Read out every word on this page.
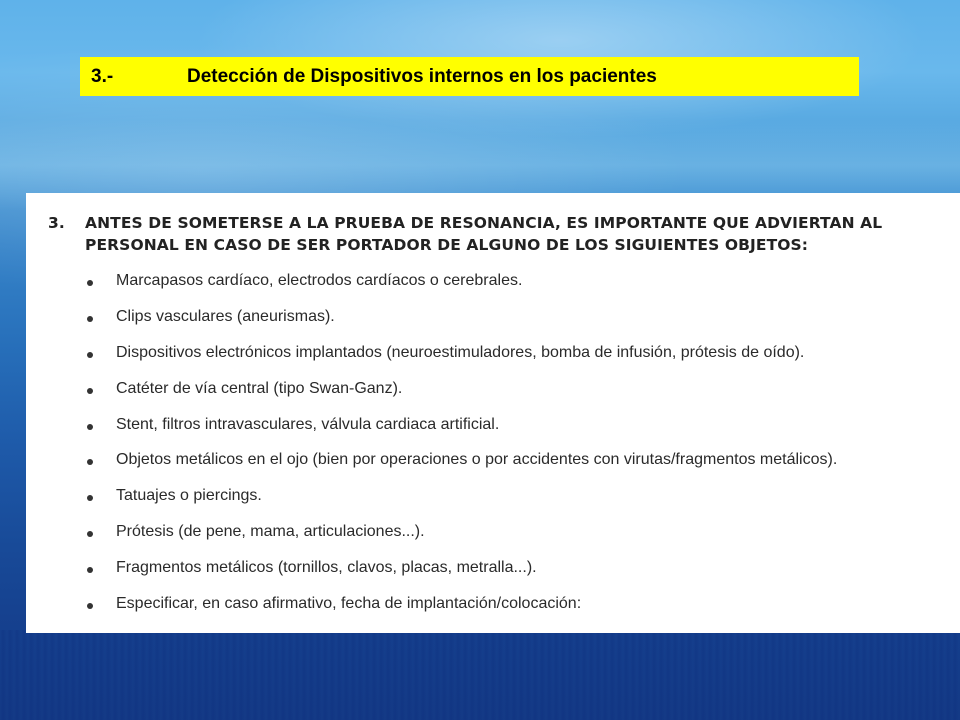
3.-	Detección de Dispositivos internos en los pacientes
3.	ANTES DE SOMETERSE A LA PRUEBA DE RESONANCIA, ES IMPORTANTE QUE ADVIERTAN AL PERSONAL EN CASO DE SER PORTADOR DE ALGUNO DE LOS SIGUIENTES OBJETOS:
Marcapasos cardíaco, electrodos cardíacos o cerebrales.
Clips vasculares (aneurismas).
Dispositivos electrónicos implantados (neuroestimuladores, bomba de infusión, prótesis de oído).
Catéter de vía central (tipo Swan-Ganz).
Stent, filtros intravasculares, válvula cardiaca artificial.
Objetos metálicos en el ojo (bien por operaciones o por accidentes con virutas/fragmentos metálicos).
Tatuajes o piercings.
Prótesis (de pene, mama, articulaciones...).
Fragmentos metálicos (tornillos, clavos, placas, metralla...).
Especificar, en caso afirmativo, fecha de implantación/colocación:
